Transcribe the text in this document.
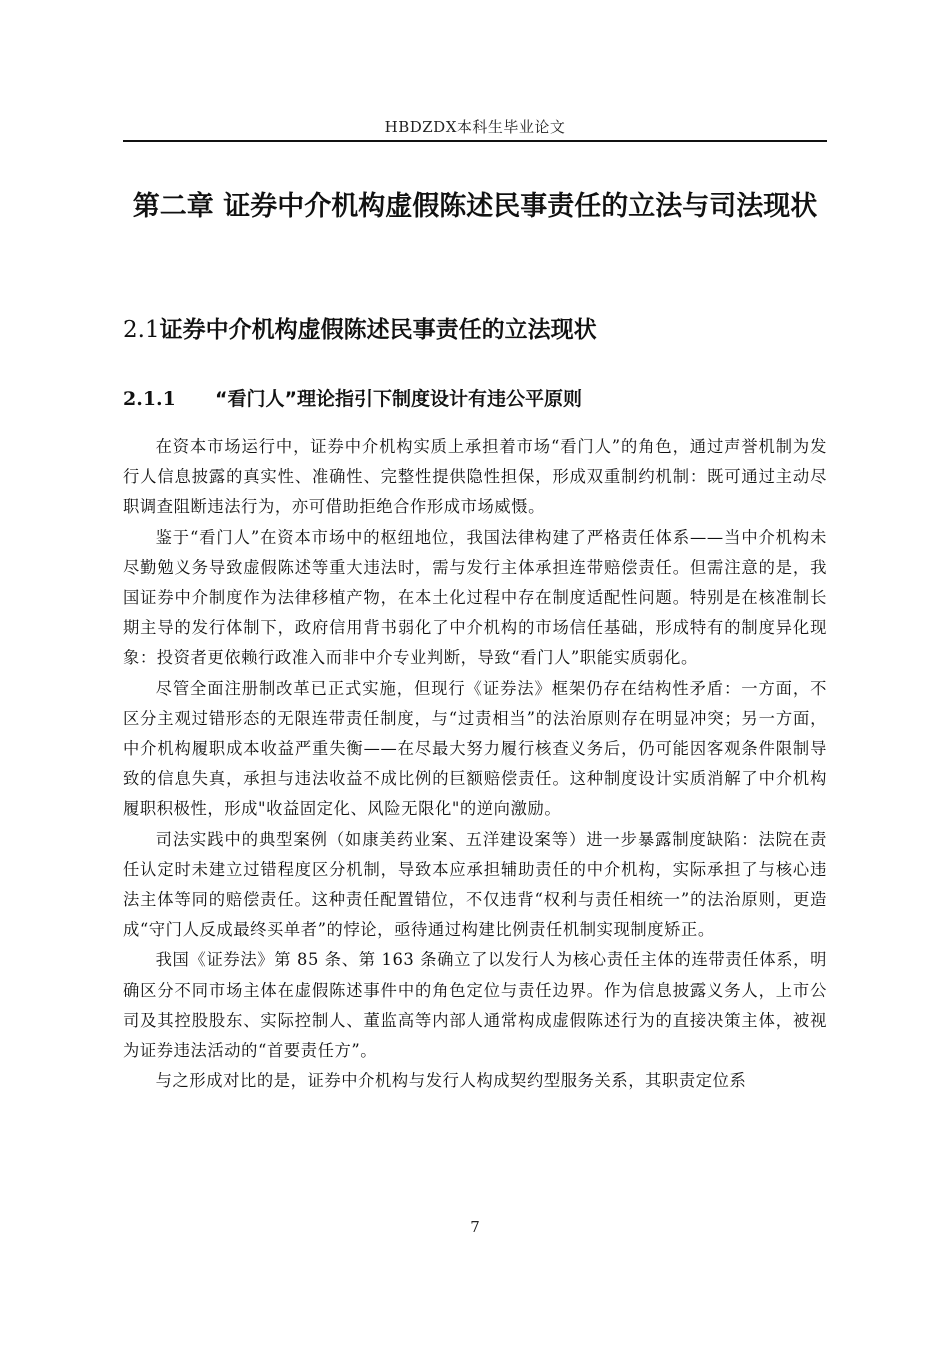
HBDZDX本科生毕业论文
第二章 证券中介机构虚假陈述民事责任的立法与司法现状
2.1证券中介机构虚假陈述民事责任的立法现状
2.1.1 “看门人”理论指引下制度设计有违公平原则

在资本市场运行中，证券中介机构实质上承担着市场“看门人”的角色，通过声誉机制为发行人信息披露的真实性、准确性、完整性提供隐性担保，形成双重制约机制：既可通过主动尽职调查阻断违法行为，亦可借助拒绝合作形成市场威慑。

鉴于“看门人”在资本市场中的枢纽地位，我国法律构建了严格责任体系——当中介机构未尽勤勉义务导致虚假陈述等重大违法时，需与发行主体承担连带赔偿责任。但需注意的是，我国证券中介制度作为法律移植产物，在本土化过程中存在制度适配性问题。特别是在核准制长期主导的发行体制下，政府信用背书弱化了中介机构的市场信任基础，形成特有的制度异化现象：投资者更依赖行政准入而非中介专业判断，导致“看门人”职能实质弱化。

尽管全面注册制改革已正式实施，但现行《证券法》框架仍存在结构性矛盾：一方面，不区分主观过错形态的无限连带责任制度，与“过责相当”的法治原则存在明显冲突；另一方面，中介机构履职成本收益严重失衡——在尽最大努力履行核查义务后，仍可能因客观条件限制导致的信息失真，承担与违法收益不成比例的巨额赔偿责任。这种制度设计实质消解了中介机构履职积极性，形成"收益固定化、风险无限化"的逆向激励。

司法实践中的典型案例（如康美药业案、五洋建设案等）进一步暴露制度缺陷：法院在责任认定时未建立过错程度区分机制，导致本应承担辅助责任的中介机构，实际承担了与核心违法主体等同的赔偿责任。这种责任配置错位，不仅违背“权利与责任相统一”的法治原则，更造成“守门人反成最终买单者”的悖论，亟待通过构建比例责任机制实现制度矫正。

我国《证券法》第 85 条、第 163 条确立了以发行人为核心责任主体的连带责任体系，明确区分不同市场主体在虚假陈述事件中的角色定位与责任边界。作为信息披露义务人，上市公司及其控股股东、实际控制人、董监高等内部人通常构成虚假陈述行为的直接决策主体，被视为证券违法活动的“首要责任方”。

与之形成对比的是，证券中介机构与发行人构成契约型服务关系，其职责定位系

7
